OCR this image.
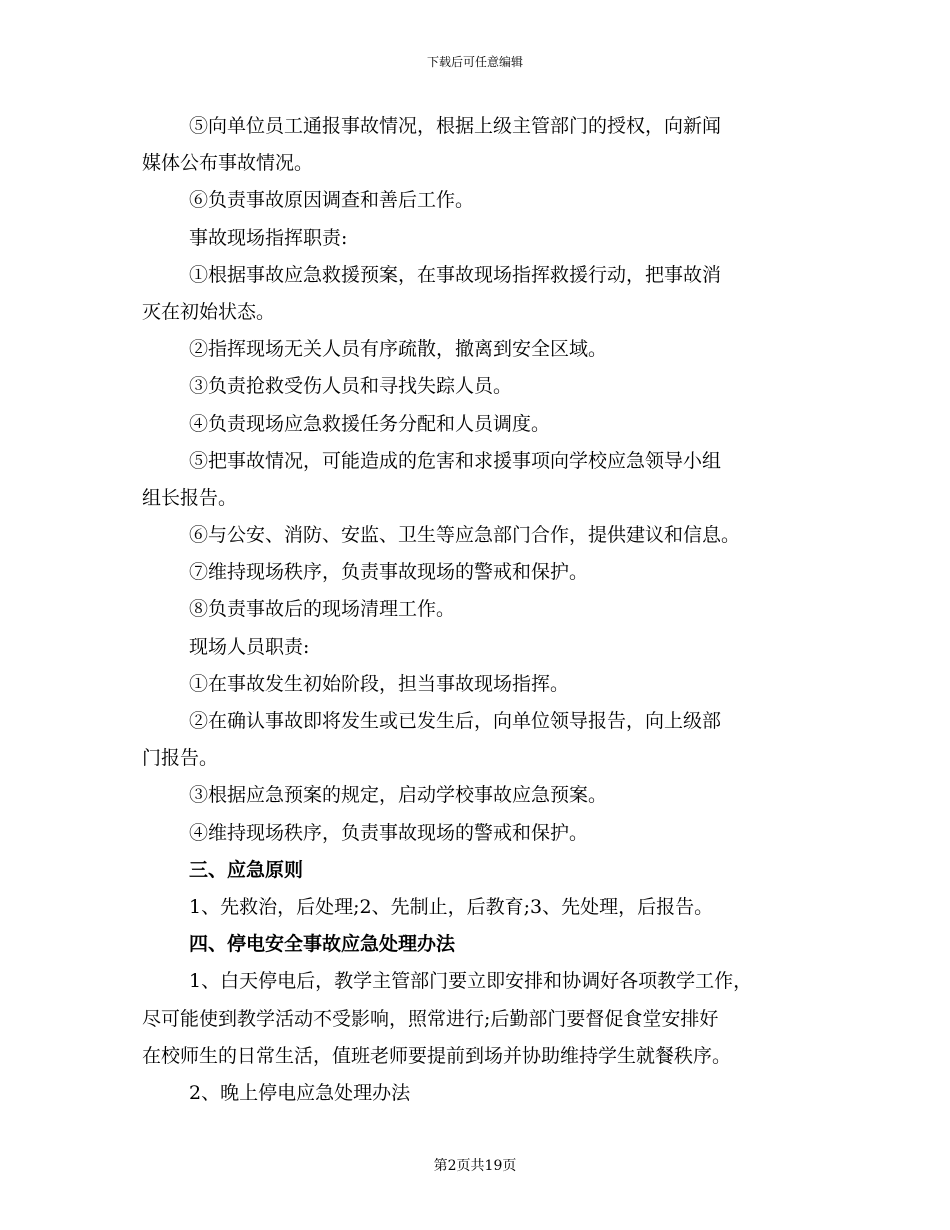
下载后可任意编辑
⑤向单位员工通报事故情况，根据上级主管部门的授权，向新闻
媒体公布事故情况。
⑥负责事故原因调查和善后工作。
事故现场指挥职责:
①根据事故应急救援预案，在事故现场指挥救援行动，把事故消
灭在初始状态。
②指挥现场无关人员有序疏散，撤离到安全区域。
③负责抢救受伤人员和寻找失踪人员。
④负责现场应急救援任务分配和人员调度。
⑤把事故情况，可能造成的危害和求援事项向学校应急领导小组
组长报告。
⑥与公安、消防、安监、卫生等应急部门合作，提供建议和信息。
⑦维持现场秩序，负责事故现场的警戒和保护。
⑧负责事故后的现场清理工作。
现场人员职责:
①在事故发生初始阶段，担当事故现场指挥。
②在确认事故即将发生或已发生后，向单位领导报告，向上级部
门报告。
③根据应急预案的规定，启动学校事故应急预案。
④维持现场秩序，负责事故现场的警戒和保护。
三、应急原则
1、先救治，后处理;2、先制止，后教育;3、先处理，后报告。
四、停电安全事故应急处理办法
1、白天停电后，教学主管部门要立即安排和协调好各项教学工作，
尽可能使到教学活动不受影响，照常进行;后勤部门要督促食堂安排好
在校师生的日常生活，值班老师要提前到场并协助维持学生就餐秩序。
2、晚上停电应急处理办法
第2页共19页
